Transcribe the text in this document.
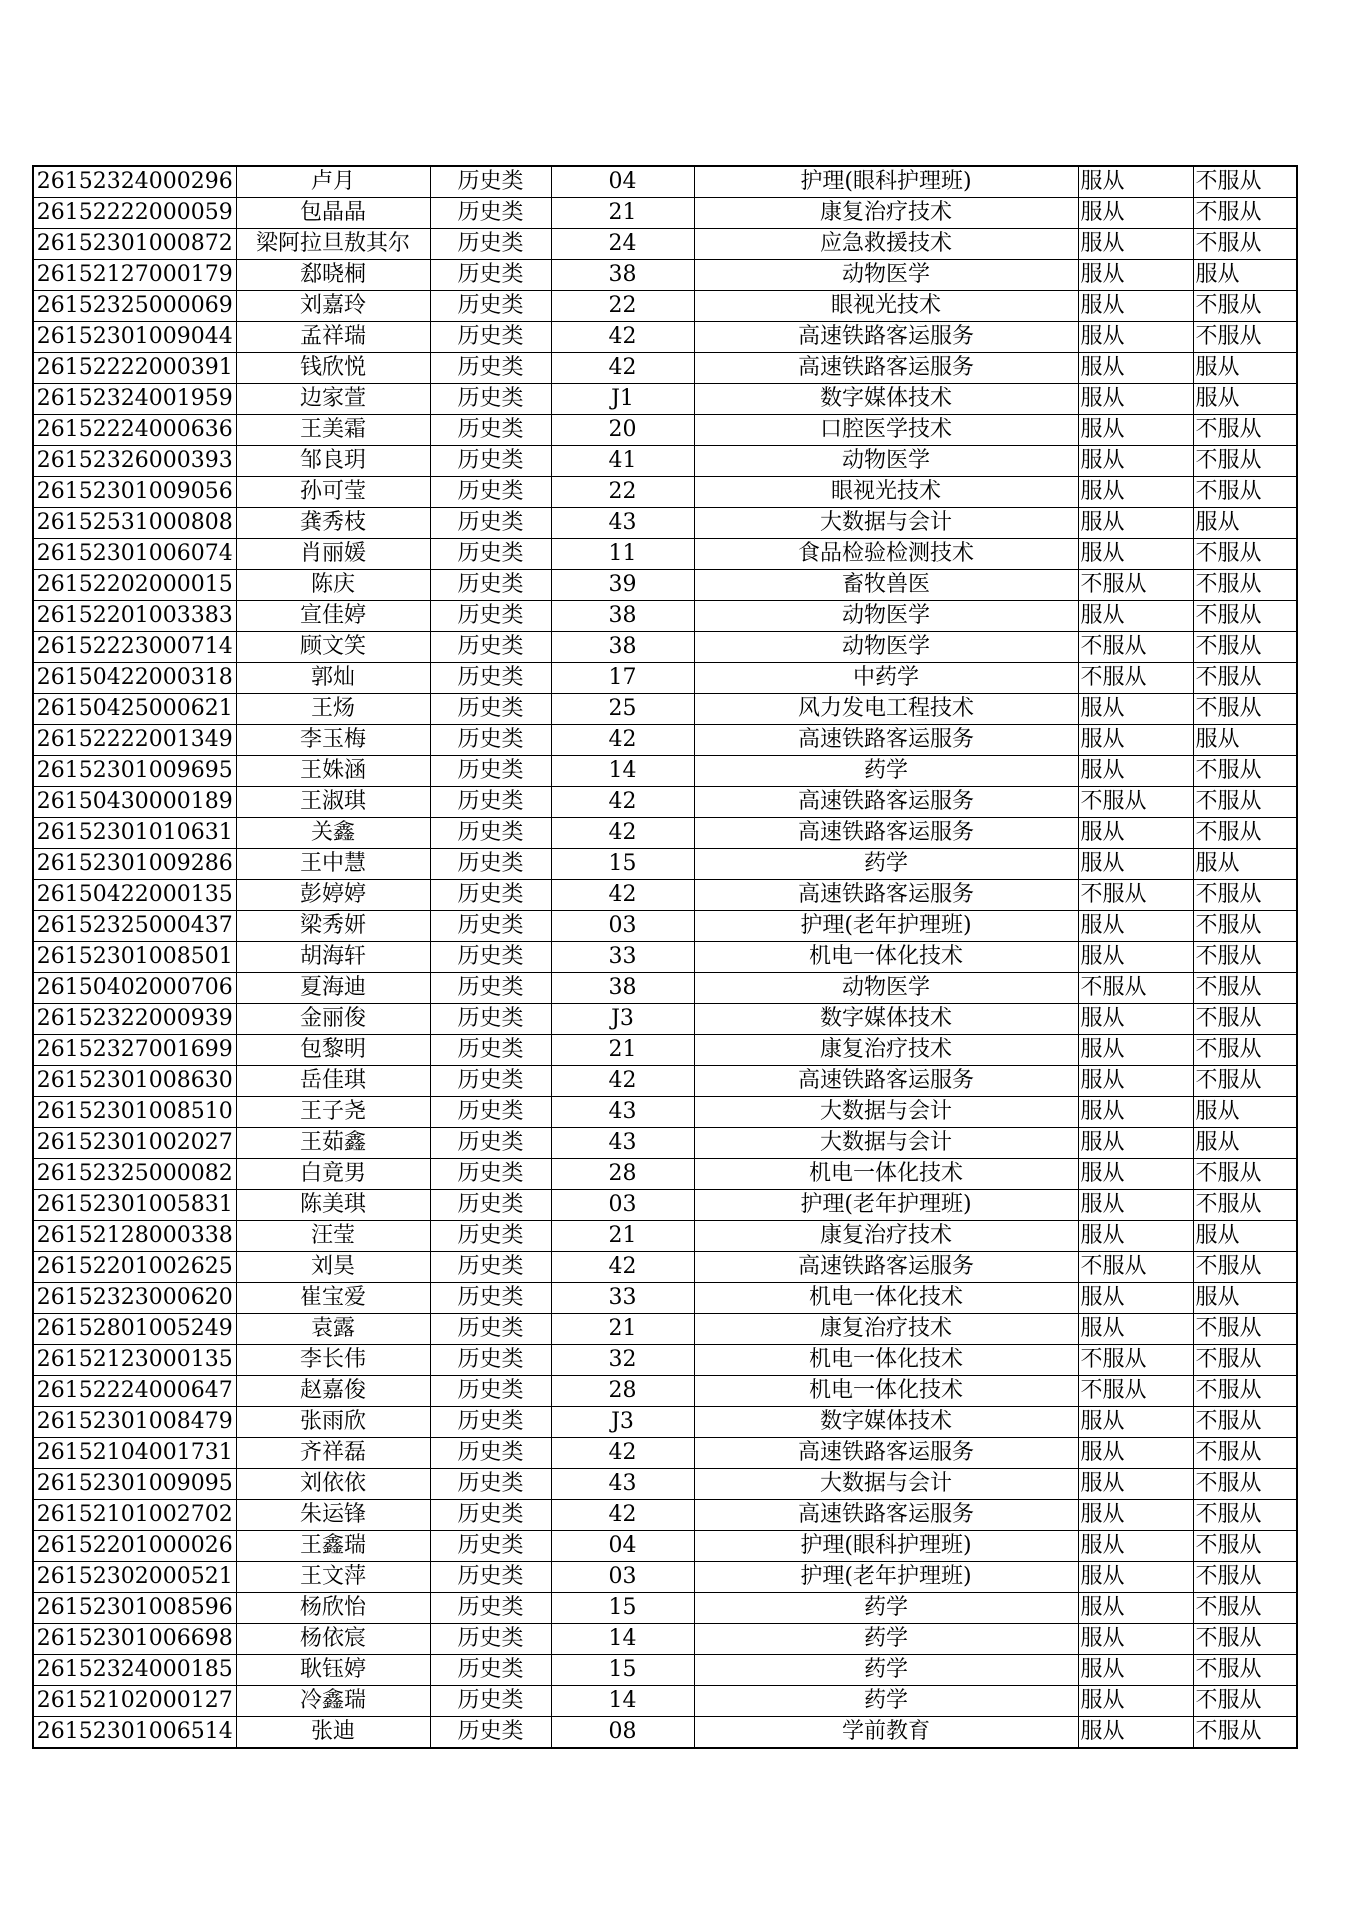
26152324000296	卢月	历史类	04	护理(眼科护理班)	服从	不服从
26152222000059	包晶晶	历史类	21	康复治疗技术	服从	不服从
26152301000872	梁阿拉旦敖其尔	历史类	24	应急救援技术	服从	不服从
26152127000179	郄晓桐	历史类	38	动物医学	服从	服从
26152325000069	刘嘉玲	历史类	22	眼视光技术	服从	不服从
26152301009044	孟祥瑞	历史类	42	高速铁路客运服务	服从	不服从
26152222000391	钱欣悦	历史类	42	高速铁路客运服务	服从	服从
26152324001959	边家萱	历史类	J1	数字媒体技术	服从	服从
26152224000636	王美霜	历史类	20	口腔医学技术	服从	不服从
26152326000393	邹良玥	历史类	41	动物医学	服从	不服从
26152301009056	孙可莹	历史类	22	眼视光技术	服从	不服从
26152531000808	龚秀枝	历史类	43	大数据与会计	服从	服从
26152301006074	肖丽媛	历史类	11	食品检验检测技术	服从	不服从
26152202000015	陈庆	历史类	39	畜牧兽医	不服从	不服从
26152201003383	宣佳婷	历史类	38	动物医学	服从	不服从
26152223000714	顾文笑	历史类	38	动物医学	不服从	不服从
26150422000318	郭灿	历史类	17	中药学	不服从	不服从
26150425000621	王炀	历史类	25	风力发电工程技术	服从	不服从
26152222001349	李玉梅	历史类	42	高速铁路客运服务	服从	服从
26152301009695	王姝涵	历史类	14	药学	服从	不服从
26150430000189	王淑琪	历史类	42	高速铁路客运服务	不服从	不服从
26152301010631	关鑫	历史类	42	高速铁路客运服务	服从	不服从
26152301009286	王中慧	历史类	15	药学	服从	服从
26150422000135	彭婷婷	历史类	42	高速铁路客运服务	不服从	不服从
26152325000437	梁秀妍	历史类	03	护理(老年护理班)	服从	不服从
26152301008501	胡海轩	历史类	33	机电一体化技术	服从	不服从
26150402000706	夏海迪	历史类	38	动物医学	不服从	不服从
26152322000939	金丽俊	历史类	J3	数字媒体技术	服从	不服从
26152327001699	包黎明	历史类	21	康复治疗技术	服从	不服从
26152301008630	岳佳琪	历史类	42	高速铁路客运服务	服从	不服从
26152301008510	王子尧	历史类	43	大数据与会计	服从	服从
26152301002027	王茹鑫	历史类	43	大数据与会计	服从	服从
26152325000082	白竟男	历史类	28	机电一体化技术	服从	不服从
26152301005831	陈美琪	历史类	03	护理(老年护理班)	服从	不服从
26152128000338	汪莹	历史类	21	康复治疗技术	服从	服从
26152201002625	刘昊	历史类	42	高速铁路客运服务	不服从	不服从
26152323000620	崔宝爱	历史类	33	机电一体化技术	服从	服从
26152801005249	袁露	历史类	21	康复治疗技术	服从	不服从
26152123000135	李长伟	历史类	32	机电一体化技术	不服从	不服从
26152224000647	赵嘉俊	历史类	28	机电一体化技术	不服从	不服从
26152301008479	张雨欣	历史类	J3	数字媒体技术	服从	不服从
26152104001731	齐祥磊	历史类	42	高速铁路客运服务	服从	不服从
26152301009095	刘依依	历史类	43	大数据与会计	服从	不服从
26152101002702	朱运锋	历史类	42	高速铁路客运服务	服从	不服从
26152201000026	王鑫瑞	历史类	04	护理(眼科护理班)	服从	不服从
26152302000521	王文萍	历史类	03	护理(老年护理班)	服从	不服从
26152301008596	杨欣怡	历史类	15	药学	服从	不服从
26152301006698	杨依宸	历史类	14	药学	服从	不服从
26152324000185	耿钰婷	历史类	15	药学	服从	不服从
26152102000127	冷鑫瑞	历史类	14	药学	服从	不服从
26152301006514	张迪	历史类	08	学前教育	服从	不服从
